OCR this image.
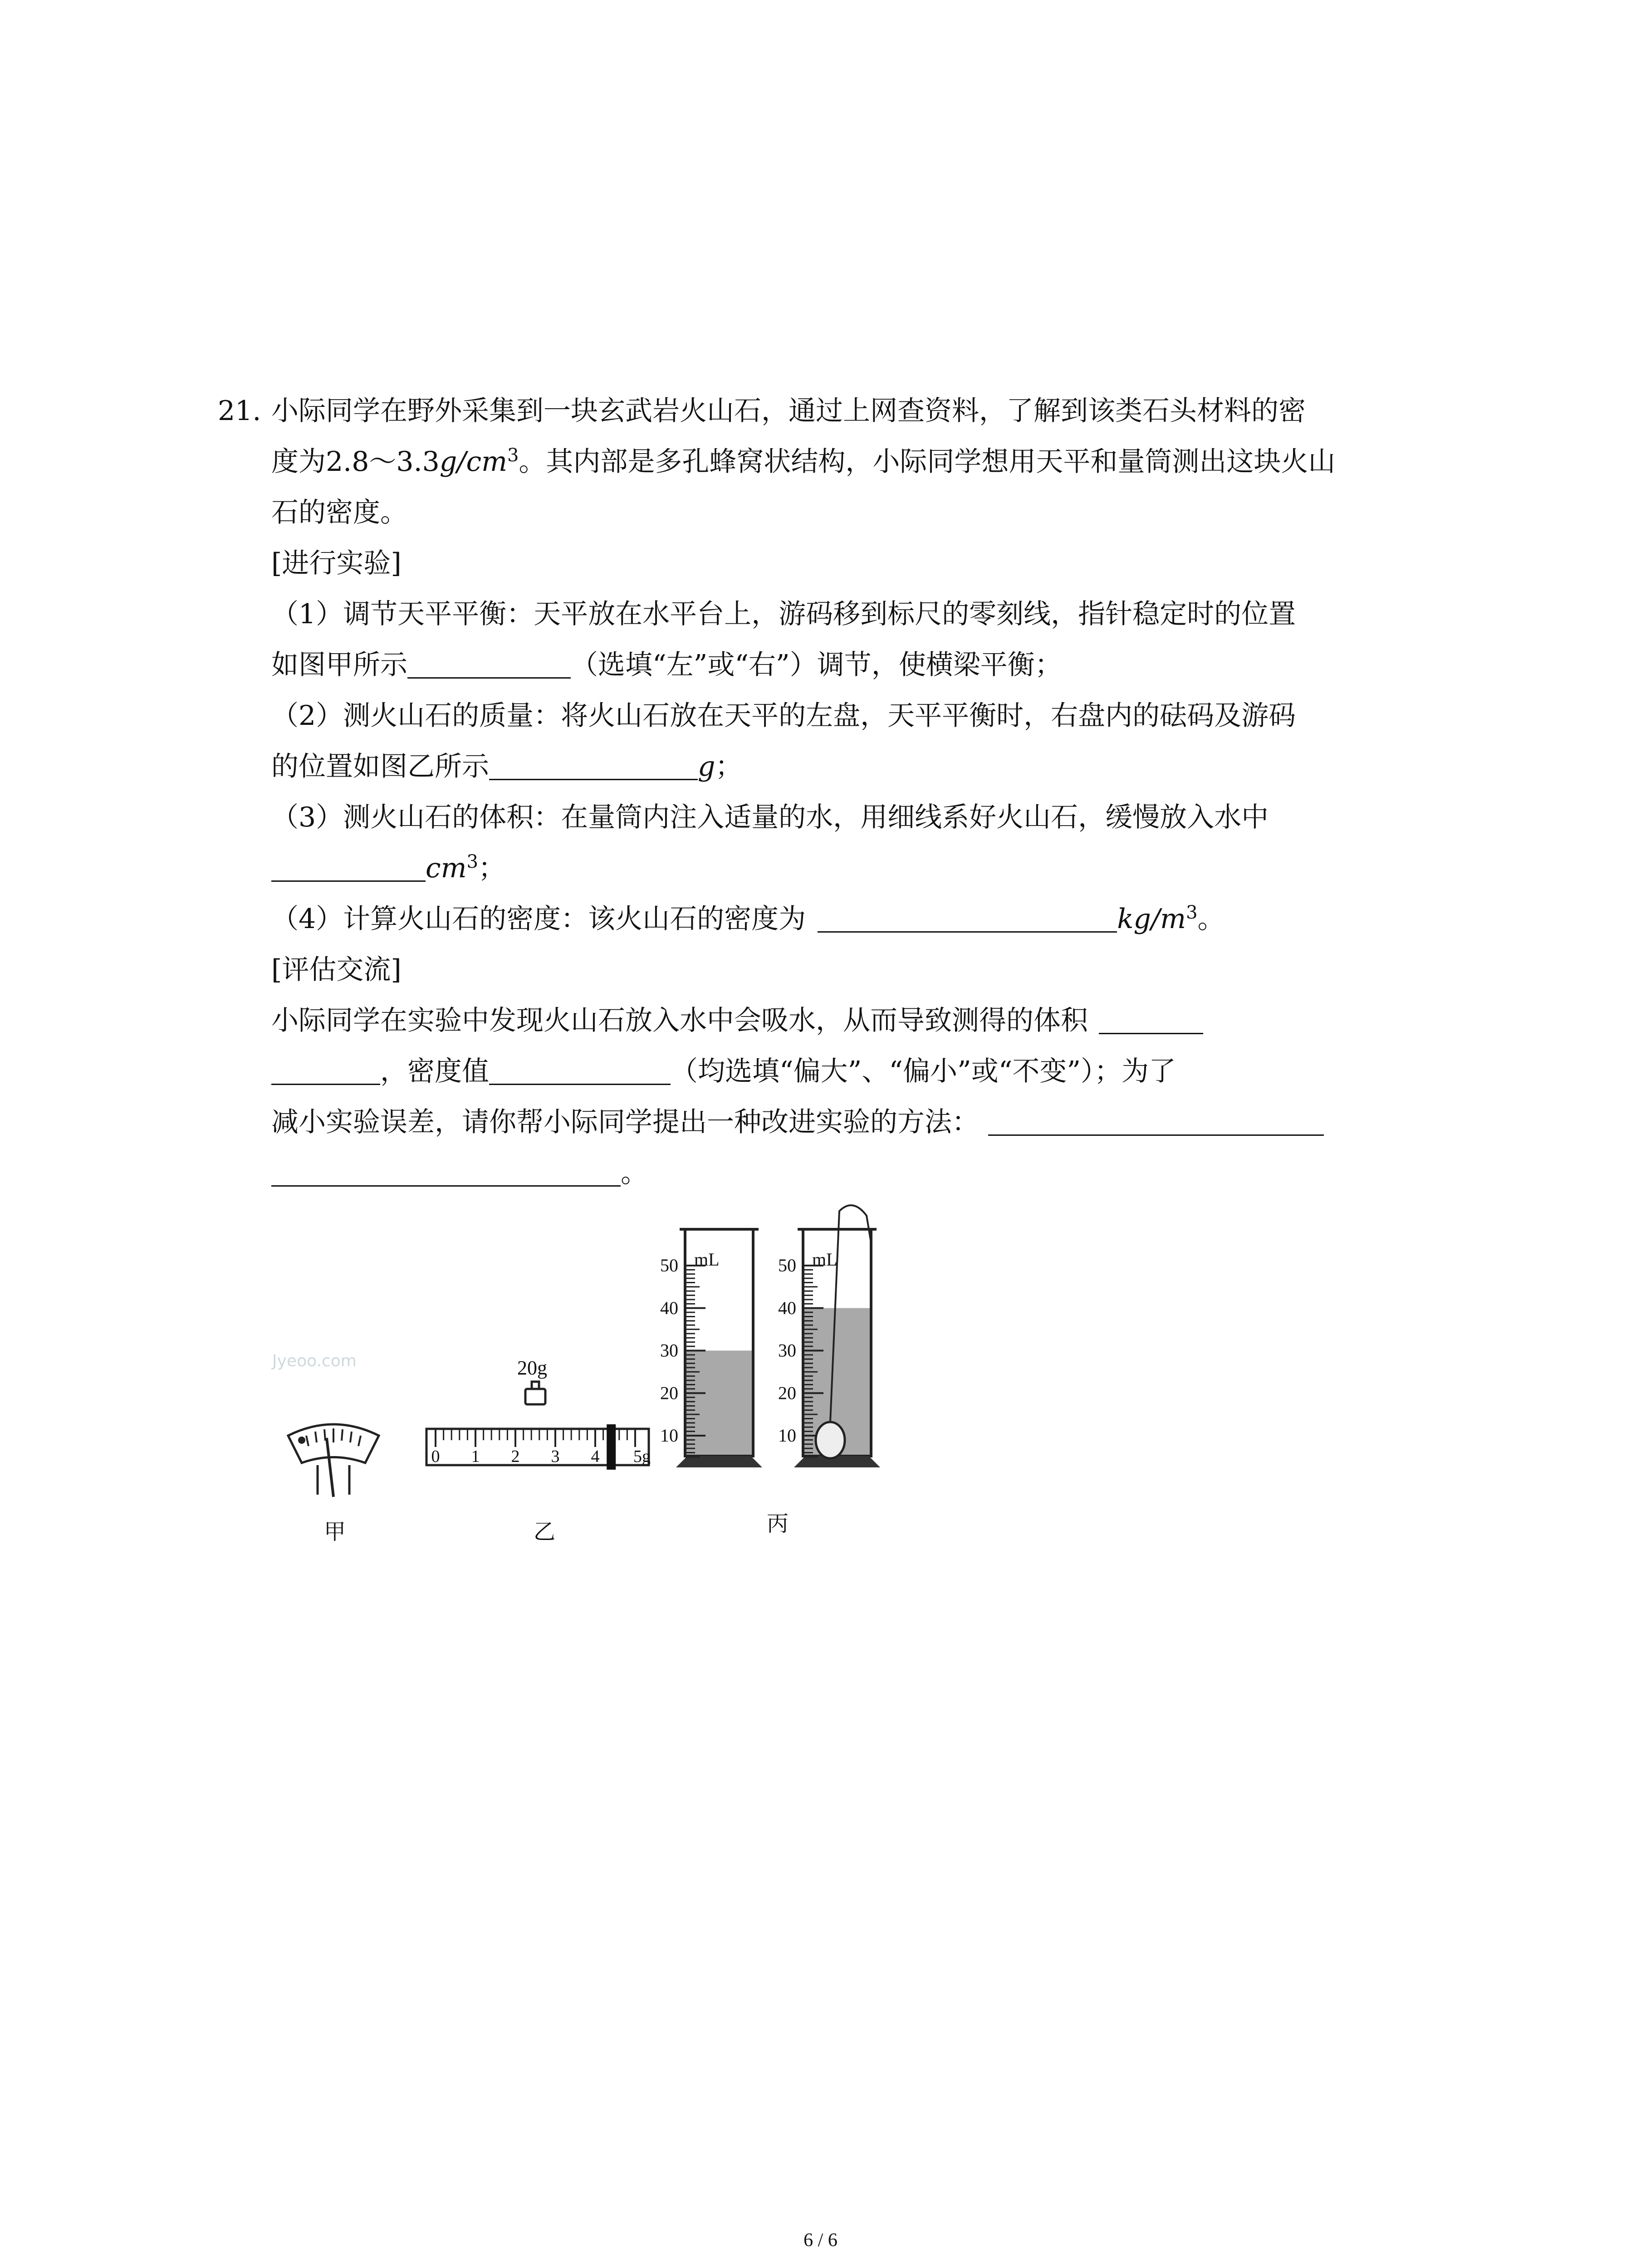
21. 小际同学在野外采集到一块玄武岩火山石，通过上网查资料，了解到该类石头材料的密
度为$2.8\sim 3.3g/cm^3$。其内部是多孔蜂窝状结构，小际同学想用天平和量筒测出这块火山
石的密度。
[进行实验]
（1）调节天平平衡：天平放在水平台上，游码移到标尺的零刻线，指针稳定时的位置
如图甲所示	（选填“左”或“右”）调节，使横梁平衡；
（2）测火山石的质量：将火山石放在天平的左盘，天平平衡时，右盘内的砝码及游码
的位置如图乙所示	g；
（3）测火山石的体积：在量筒内注入适量的水，用细线系好火山石，缓慢放入水中
$cm^3$；
（4）计算火山石的密度：该火山石的密度为	$kg/m^3$。
[评估交流]
小际同学在实验中发现火山石放入水中会吸水，从而导致测得的体积
，密度值	（均选填“偏大”、“偏小”或“不变”）；为了
减小实验误差，请你帮小际同学提出一种改进实验的方法：
。
甲
Jyeoo.com	20g
0 1 2 3 4 5g
乙
mL
50
40
30
20
10
mL
50
40
30
20
10
丙
6 / 6
